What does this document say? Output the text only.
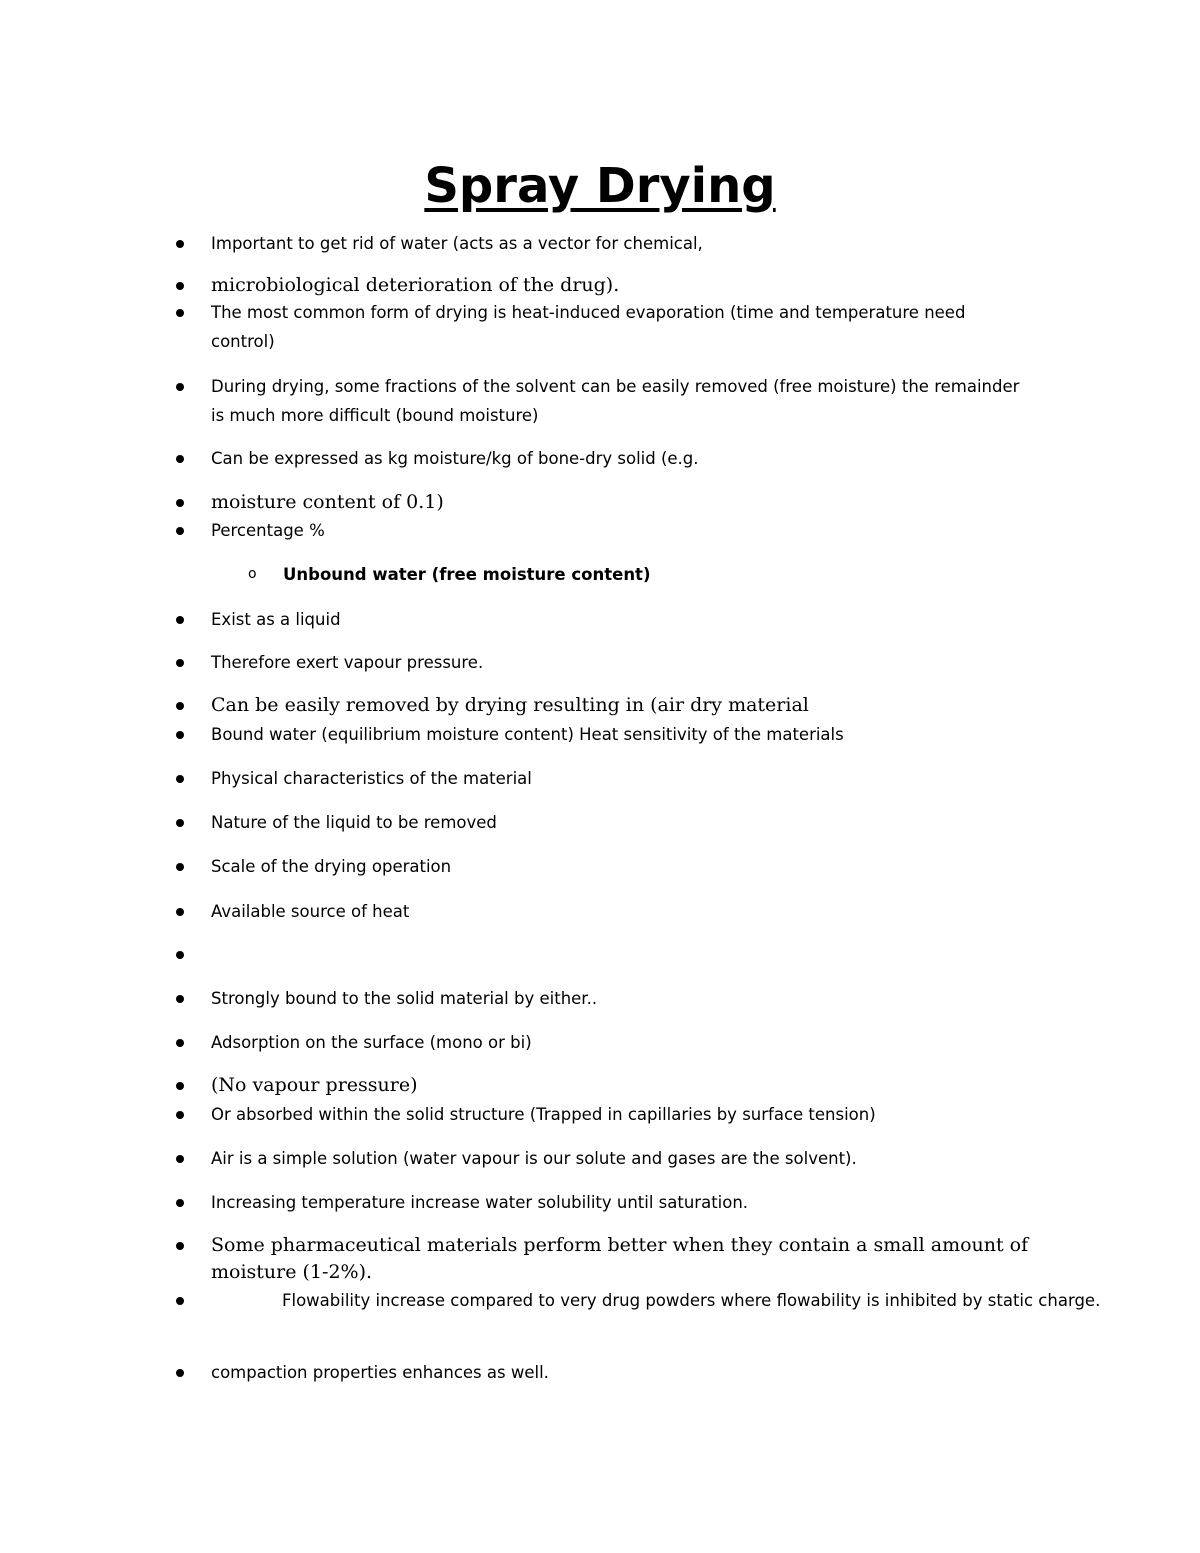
Spray Drying
Important to get rid of water (acts as a vector for chemical,
microbiological deterioration of the drug).
The most common form of drying is heat-induced evaporation (time and temperature need control)
During drying, some fractions of the solvent can be easily removed (free moisture) the remainder is much more difficult (bound moisture)
Can be expressed as kg moisture/kg of bone-dry solid (e.g.
moisture content of 0.1)
Percentage %
o Unbound water (free moisture content)
Exist as a liquid
Therefore exert vapour pressure.
Can be easily removed by drying resulting in (air dry material
Bound water (equilibrium moisture content) Heat sensitivity of the materials
Physical characteristics of the material
Nature of the liquid to be removed
Scale of the drying operation
Available source of heat
Strongly bound to the solid material by either..
Adsorption on the surface (mono or bi)
(No vapour pressure)
Or absorbed within the solid structure (Trapped in capillaries by surface tension)
Air is a simple solution (water vapour is our solute and gases are the solvent).
Increasing temperature increase water solubility until saturation.
Some pharmaceutical materials perform better when they contain a small amount of moisture (1-2%).
Flowability increase compared to very drug powders where flowability is inhibited by static charge.
compaction properties enhances as well.
